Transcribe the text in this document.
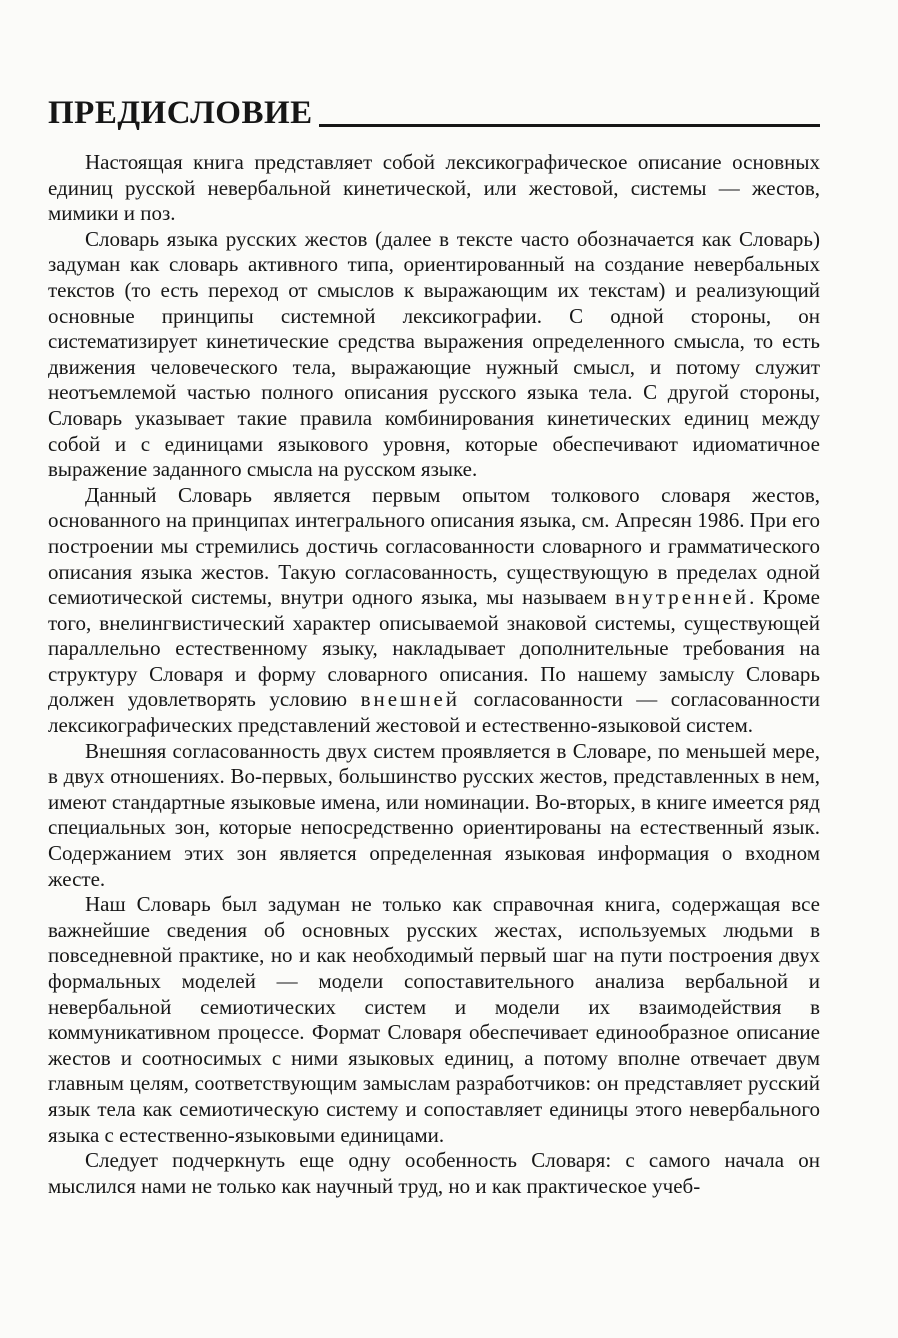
ПРЕДИСЛОВИЕ

Настоящая книга представляет собой лексикографическое описание основных единиц русской невербальной кинетической, или жестовой, системы — жестов, мимики и поз.

Словарь языка русских жестов (далее в тексте часто обозначается как Словарь) задуман как словарь активного типа, ориентированный на создание невербальных текстов (то есть переход от смыслов к выражающим их текстам) и реализующий основные принципы системной лексикографии. С одной стороны, он систематизирует кинетические средства выражения определенного смысла, то есть движения человеческого тела, выражающие нужный смысл, и потому служит неотъемлемой частью полного описания русского языка тела. С другой стороны, Словарь указывает такие правила комбинирования кинетических единиц между собой и с единицами языкового уровня, которые обеспечивают идиоматичное выражение заданного смысла на русском языке.

Данный Словарь является первым опытом толкового словаря жестов, основанного на принципах интегрального описания языка, см. Апресян 1986. При его построении мы стремились достичь согласованности словарного и грамматического описания языка жестов. Такую согласованность, существующую в пределах одной семиотической системы, внутри одного языка, мы называем внутренней. Кроме того, внелингвистический характер описываемой знаковой системы, существующей параллельно естественному языку, накладывает дополнительные требования на структуру Словаря и форму словарного описания. По нашему замыслу Словарь должен удовлетворять условию внешней согласованности — согласованности лексикографических представлений жестовой и естественно-языковой систем.

Внешняя согласованность двух систем проявляется в Словаре, по меньшей мере, в двух отношениях. Во-первых, большинство русских жестов, представленных в нем, имеют стандартные языковые имена, или номинации. Во-вторых, в книге имеется ряд специальных зон, которые непосредственно ориентированы на естественный язык. Содержанием этих зон является определенная языковая информация о входном жесте.

Наш Словарь был задуман не только как справочная книга, содержащая все важнейшие сведения об основных русских жестах, используемых людьми в повседневной практике, но и как необходимый первый шаг на пути построения двух формальных моделей — модели сопоставительного анализа вербальной и невербальной семиотических систем и модели их взаимодействия в коммуникативном процессе. Формат Словаря обеспечивает единообразное описание жестов и соотносимых с ними языковых единиц, а потому вполне отвечает двум главным целям, соответствующим замыслам разработчиков: он представляет русский язык тела как семиотическую систему и сопоставляет единицы этого невербального языка с естественно-языковыми единицами.

Следует подчеркнуть еще одну особенность Словаря: с самого начала он мыслился нами не только как научный труд, но и как практическое учеб-
